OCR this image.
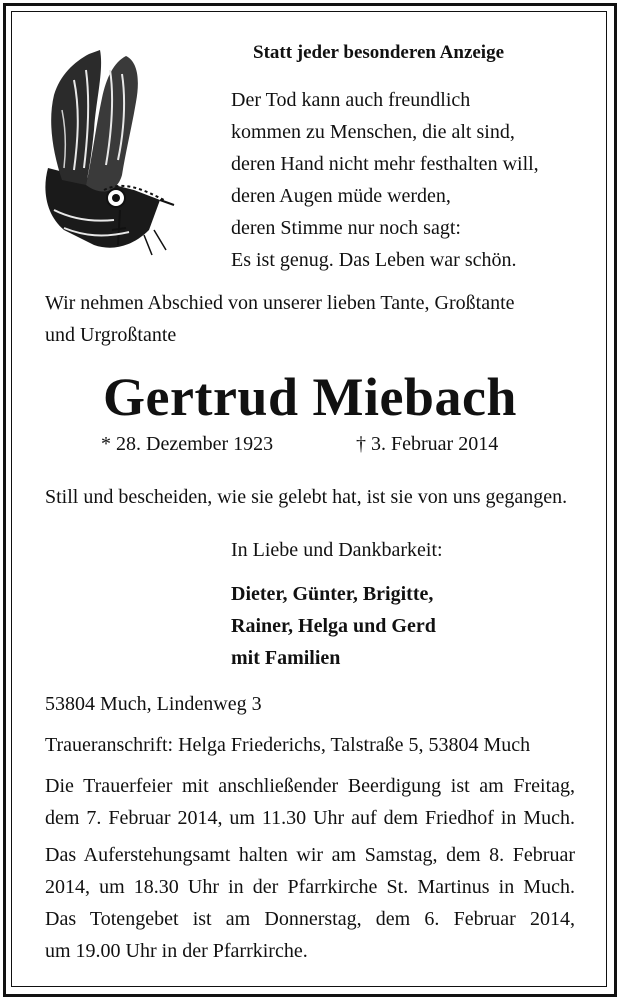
Statt jeder besonderen Anzeige
Der Tod kann auch freundlich
kommen zu Menschen, die alt sind,
deren Hand nicht mehr festhalten will,
deren Augen müde werden,
deren Stimme nur noch sagt:
Es ist genug. Das Leben war schön.
Wir nehmen Abschied von unserer lieben Tante, Großtante
und Urgroßtante
Gertrud Miebach
* 28. Dezember 1923	† 3. Februar 2014
Still und bescheiden, wie sie gelebt hat, ist sie von uns gegangen.
In Liebe und Dankbarkeit:
Dieter, Günter, Brigitte,
Rainer, Helga und Gerd
mit Familien
53804 Much, Lindenweg 3
Traueranschrift: Helga Friederichs, Talstraße 5, 53804 Much
Die Trauerfeier mit anschließender Beerdigung ist am Freitag,
dem 7. Februar 2014, um 11.30 Uhr auf dem Friedhof in Much.
Das Auferstehungsamt halten wir am Samstag, dem 8. Februar
2014, um 18.30 Uhr in der Pfarrkirche St. Martinus in Much.
Das Totengebet ist am Donnerstag, dem 6. Februar 2014,
um 19.00 Uhr in der Pfarrkirche.
